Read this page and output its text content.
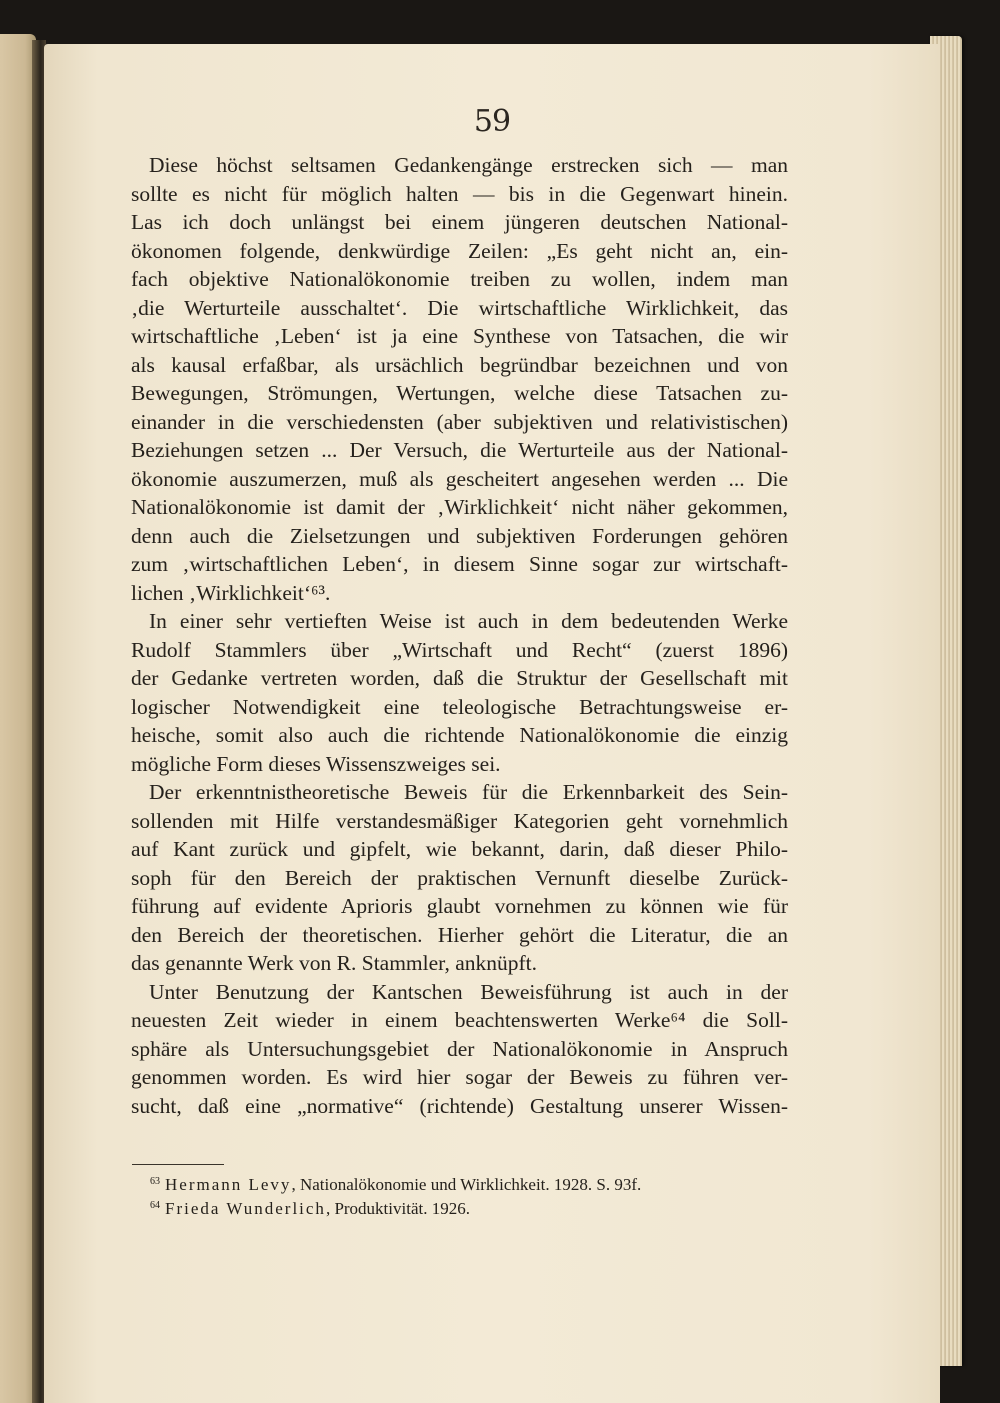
59
Diese höchst seltsamen Gedankengänge erstrecken sich — man
sollte es nicht für möglich halten — bis in die Gegenwart hinein.
Las ich doch unlängst bei einem jüngeren deutschen National-
ökonomen folgende, denkwürdige Zeilen: „Es geht nicht an, ein-
fach objektive Nationalökonomie treiben zu wollen, indem man
‚die Werturteile ausschaltet‘. Die wirtschaftliche Wirklichkeit, das
wirtschaftliche ‚Leben‘ ist ja eine Synthese von Tatsachen, die wir
als kausal erfaßbar, als ursächlich begründbar bezeichnen und von
Bewegungen, Strömungen, Wertungen, welche diese Tatsachen zu-
einander in die verschiedensten (aber subjektiven und relativistischen)
Beziehungen setzen ... Der Versuch, die Werturteile aus der National-
ökonomie auszumerzen, muß als gescheitert angesehen werden ... Die
Nationalökonomie ist damit der ‚Wirklichkeit‘ nicht näher gekommen,
denn auch die Zielsetzungen und subjektiven Forderungen gehören
zum ‚wirtschaftlichen Leben‘, in diesem Sinne sogar zur wirtschaft-
lichen ‚Wirklichkeit‘⁶³.
In einer sehr vertieften Weise ist auch in dem bedeutenden Werke
Rudolf Stammlers über „Wirtschaft und Recht“ (zuerst 1896)
der Gedanke vertreten worden, daß die Struktur der Gesellschaft mit
logischer Notwendigkeit eine teleologische Betrachtungsweise er-
heische, somit also auch die richtende Nationalökonomie die einzig
mögliche Form dieses Wissenszweiges sei.
Der erkenntnistheoretische Beweis für die Erkennbarkeit des Sein-
sollenden mit Hilfe verstandesmäßiger Kategorien geht vornehmlich
auf Kant zurück und gipfelt, wie bekannt, darin, daß dieser Philo-
soph für den Bereich der praktischen Vernunft dieselbe Zurück-
führung auf evidente Aprioris glaubt vornehmen zu können wie für
den Bereich der theoretischen. Hierher gehört die Literatur, die an
das genannte Werk von R. Stammler, anknüpft.
Unter Benutzung der Kantschen Beweisführung ist auch in der
neuesten Zeit wieder in einem beachtenswerten Werke⁶⁴ die Soll-
sphäre als Untersuchungsgebiet der Nationalökonomie in Anspruch
genommen worden. Es wird hier sogar der Beweis zu führen ver-
sucht, daß eine „normative“ (richtende) Gestaltung unserer Wissen-
$^{63}$ Hermann Levy, Nationalökonomie und Wirklichkeit. 1928. S. 93f.
$^{64}$ Frieda Wunderlich, Produktivität. 1926.
